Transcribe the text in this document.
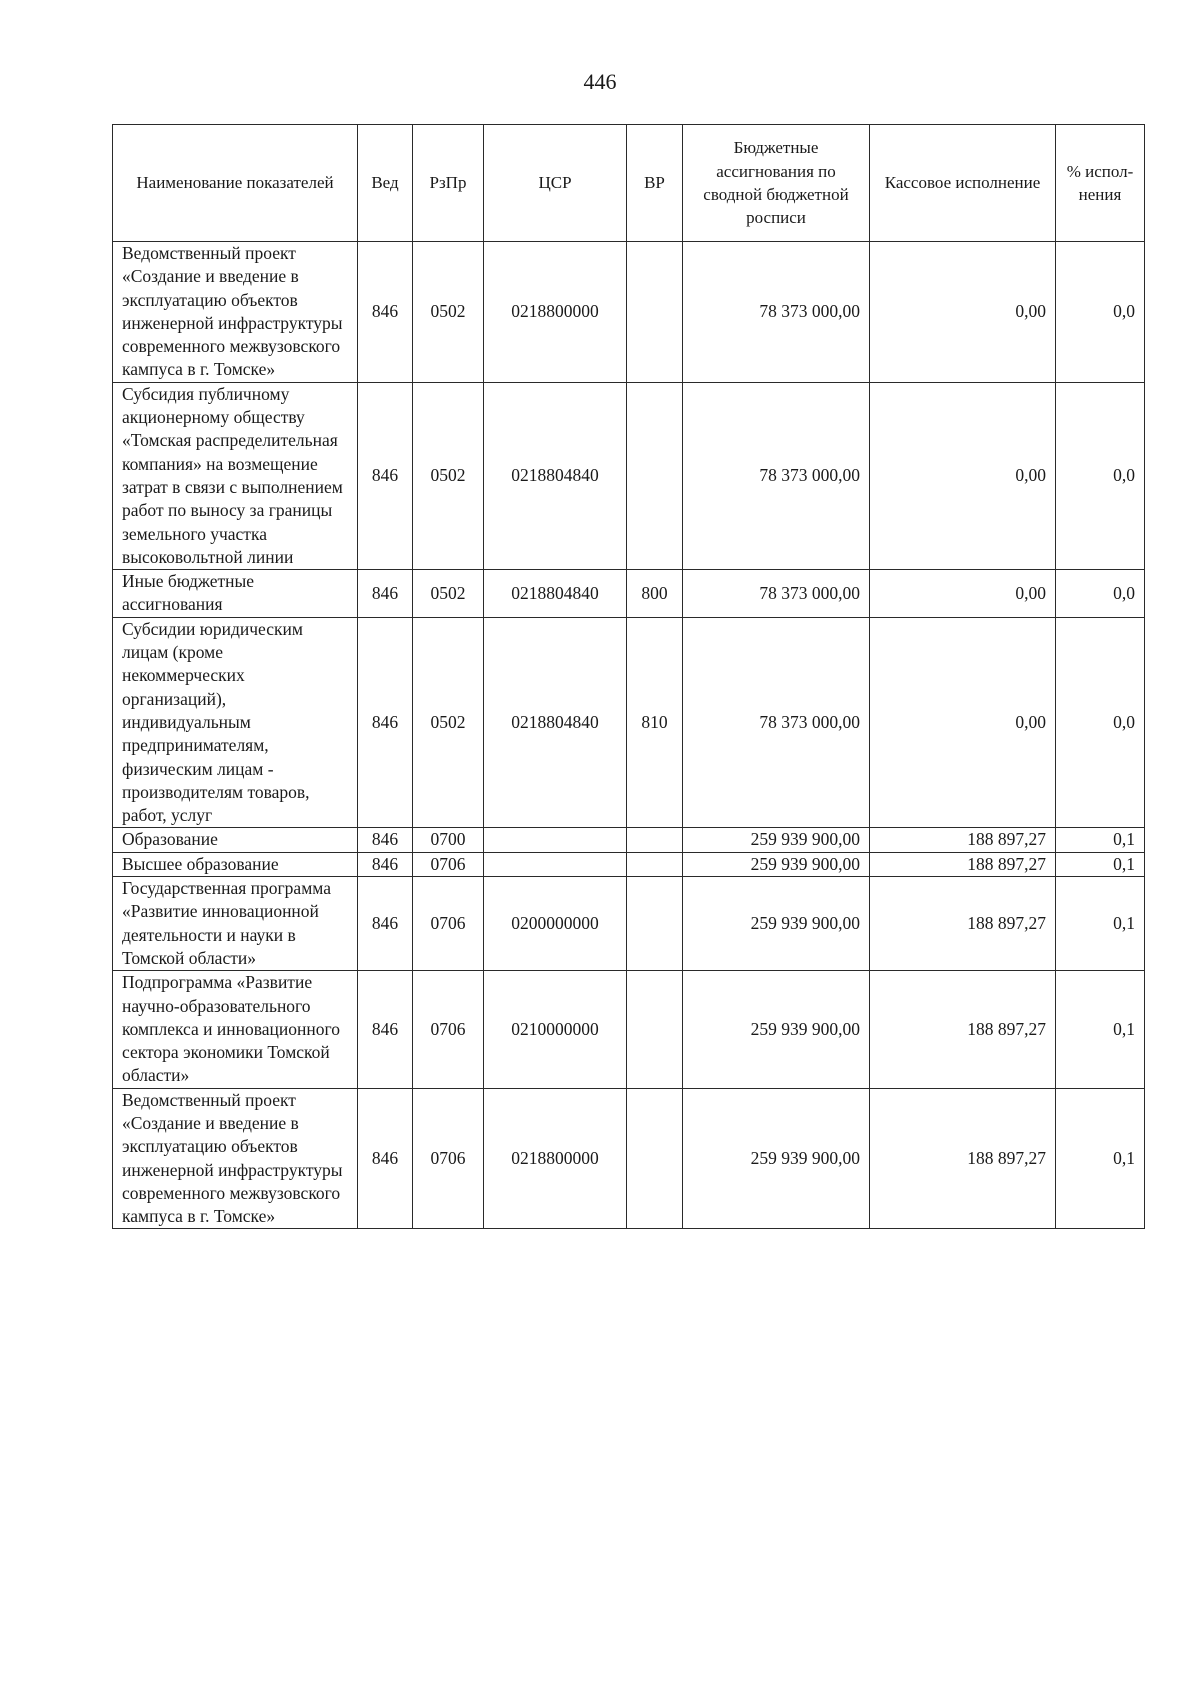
446
Наименование показателей	Вед	РзПр	ЦСР	ВР	Бюджетные ассигнования по сводной бюджетной росписи	Кассовое исполнение	% испол-нения
Ведомственный проект «Создание и введение в эксплуатацию объектов инженерной инфраструктуры современного межвузовского кампуса в г. Томске»	846	0502	0218800000		78 373 000,00	0,00	0,0
Субсидия публичному акционерному обществу «Томская распределительная компания» на возмещение затрат в связи с выполнением работ по выносу за границы земельного участка высоковольтной линии	846	0502	0218804840		78 373 000,00	0,00	0,0
Иные бюджетные ассигнования	846	0502	0218804840	800	78 373 000,00	0,00	0,0
Субсидии юридическим лицам (кроме некоммерческих организаций), индивидуальным предпринимателям, физическим лицам - производителям товаров, работ, услуг	846	0502	0218804840	810	78 373 000,00	0,00	0,0
Образование	846	0700			259 939 900,00	188 897,27	0,1
Высшее образование	846	0706			259 939 900,00	188 897,27	0,1
Государственная программа «Развитие инновационной деятельности и науки в Томской области»	846	0706	0200000000		259 939 900,00	188 897,27	0,1
Подпрограмма «Развитие научно-образовательного комплекса и инновационного сектора экономики Томской области»	846	0706	0210000000		259 939 900,00	188 897,27	0,1
Ведомственный проект «Создание и введение в эксплуатацию объектов инженерной инфраструктуры современного межвузовского кампуса в г. Томске»	846	0706	0218800000		259 939 900,00	188 897,27	0,1
